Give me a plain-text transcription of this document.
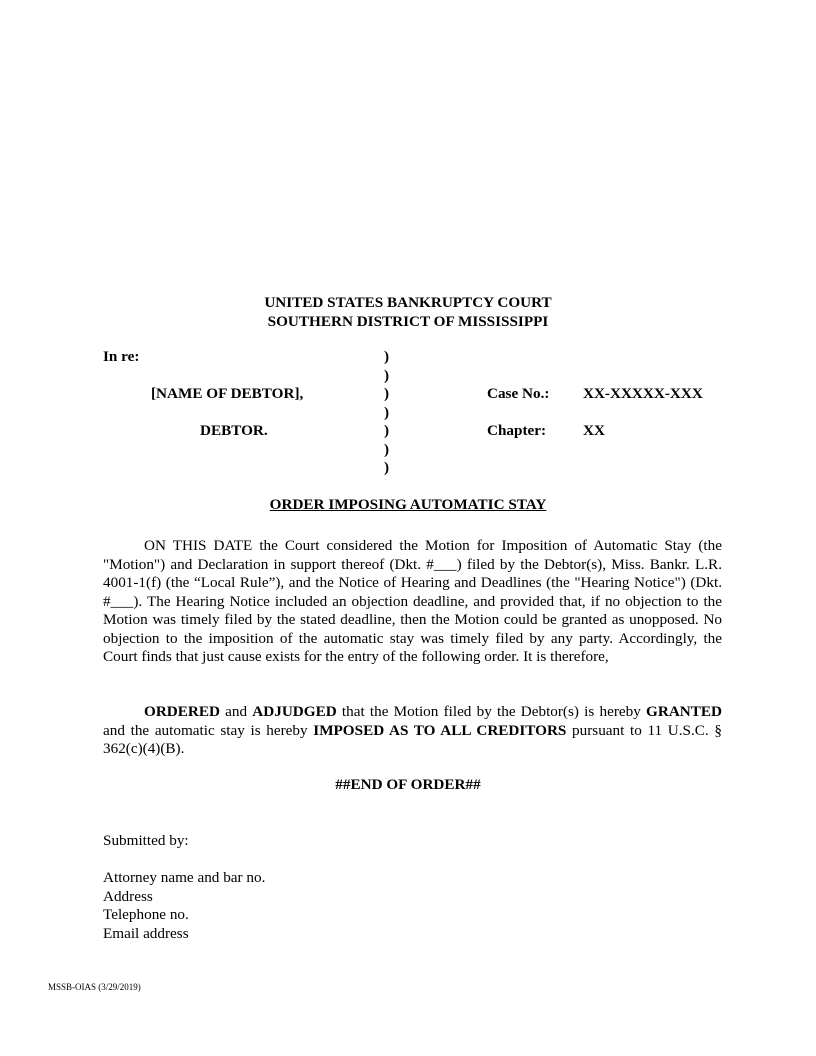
UNITED STATES BANKRUPTCY COURT
SOUTHERN DISTRICT OF MISSISSIPPI
In re:
[NAME OF DEBTOR],
DEBTOR.
)
)
)
)
)
)
)
Case No.: XX-XXXXX-XXX
Chapter: XX
ORDER IMPOSING AUTOMATIC STAY
ON THIS DATE the Court considered the Motion for Imposition of Automatic Stay (the "Motion") and Declaration in support thereof (Dkt. #___) filed by the Debtor(s), Miss. Bankr. L.R. 4001-1(f) (the “Local Rule”), and the Notice of Hearing and Deadlines (the "Hearing Notice") (Dkt. #___). The Hearing Notice included an objection deadline, and provided that, if no objection to the Motion was timely filed by the stated deadline, then the Motion could be granted as unopposed. No objection to the imposition of the automatic stay was timely filed by any party. Accordingly, the Court finds that just cause exists for the entry of the following order. It is therefore,
ORDERED and ADJUDGED that the Motion filed by the Debtor(s) is hereby GRANTED and the automatic stay is hereby IMPOSED AS TO ALL CREDITORS pursuant to 11 U.S.C. § 362(c)(4)(B).
##END OF ORDER##
Submitted by:
Attorney name and bar no.
Address
Telephone no.
Email address
MSSB-OIAS (3/29/2019)
